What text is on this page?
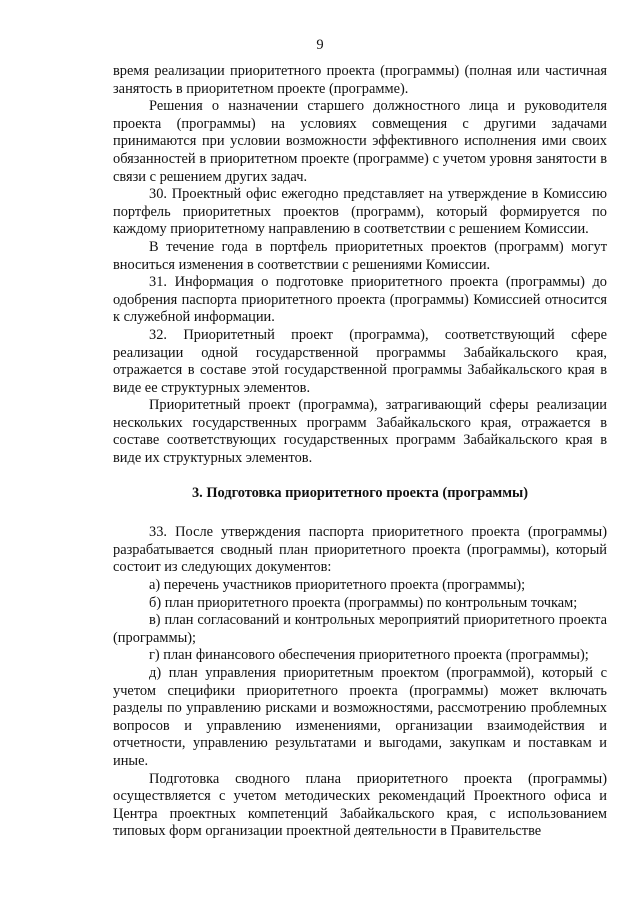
9

время реализации приоритетного проекта (программы) (полная или частичная занятость в приоритетном проекте (программе).

Решения о назначении старшего должностного лица и руководителя проекта (программы) на условиях совмещения с другими задачами принимаются при условии возможности эффективного исполнения ими своих обязанностей в приоритетном проекте (программе) с учетом уровня занятости в связи с решением других задач.

30. Проектный офис ежегодно представляет на утверждение в Комиссию портфель приоритетных проектов (программ), который формируется по каждому приоритетному направлению в соответствии с решением Комиссии.

В течение года в портфель приоритетных проектов (программ) могут вноситься изменения в соответствии с решениями Комиссии.

31. Информация о подготовке приоритетного проекта (программы) до одобрения паспорта приоритетного проекта (программы) Комиссией относится к служебной информации.

32. Приоритетный проект (программа), соответствующий сфере реализации одной государственной программы Забайкальского края, отражается в составе этой государственной программы Забайкальского края в виде ее структурных элементов.

Приоритетный проект (программа), затрагивающий сферы реализации нескольких государственных программ Забайкальского края, отражается в составе соответствующих государственных программ Забайкальского края в виде их структурных элементов.

3. Подготовка приоритетного проекта (программы)

33. После утверждения паспорта приоритетного проекта (программы) разрабатывается сводный план приоритетного проекта (программы), который состоит из следующих документов:

а) перечень участников приоритетного проекта (программы);

б) план приоритетного проекта (программы) по контрольным точкам;

в) план согласований и контрольных мероприятий приоритетного проекта (программы);

г) план финансового обеспечения приоритетного проекта (программы);

д) план управления приоритетным проектом (программой), который с учетом специфики приоритетного проекта (программы) может включать разделы по управлению рисками и возможностями, рассмотрению проблемных вопросов и управлению изменениями, организации взаимодействия и отчетности, управлению результатами и выгодами, закупкам и поставкам и иные.

Подготовка сводного плана приоритетного проекта (программы) осуществляется с учетом методических рекомендаций Проектного офиса и Центра проектных компетенций Забайкальского края, с использованием типовых форм организации проектной деятельности в Правительстве
